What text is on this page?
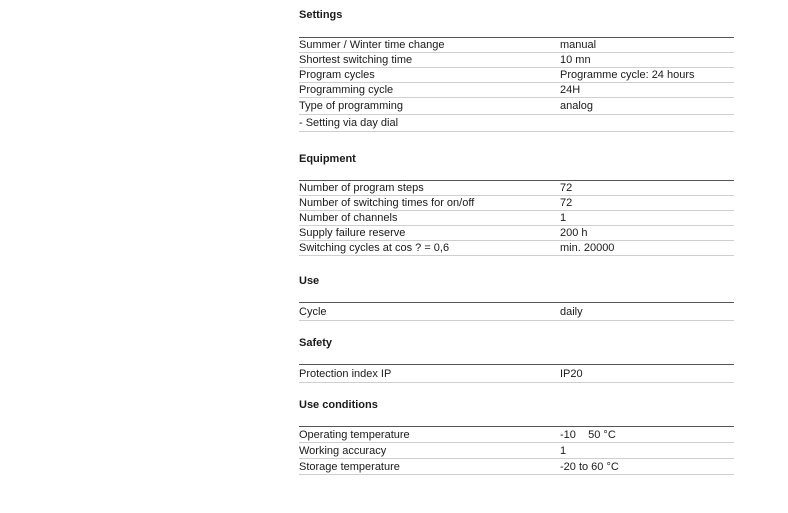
Settings
Summer / Winter time change	manual
Shortest switching time	10 mn
Program cycles	Programme cycle: 24 hours
Programming cycle	24H
Type of programming	analog
- Setting via day dial
Equipment
Number of program steps	72
Number of switching times for on/off	72
Number of channels	1
Supply failure reserve	200 h
Switching cycles at cos ? = 0,6	min. 20000
Use
Cycle	daily
Safety
Protection index IP	IP20
Use conditions
Operating temperature	-10    50 °C
Working accuracy	1
Storage temperature	-20 to 60 °C
